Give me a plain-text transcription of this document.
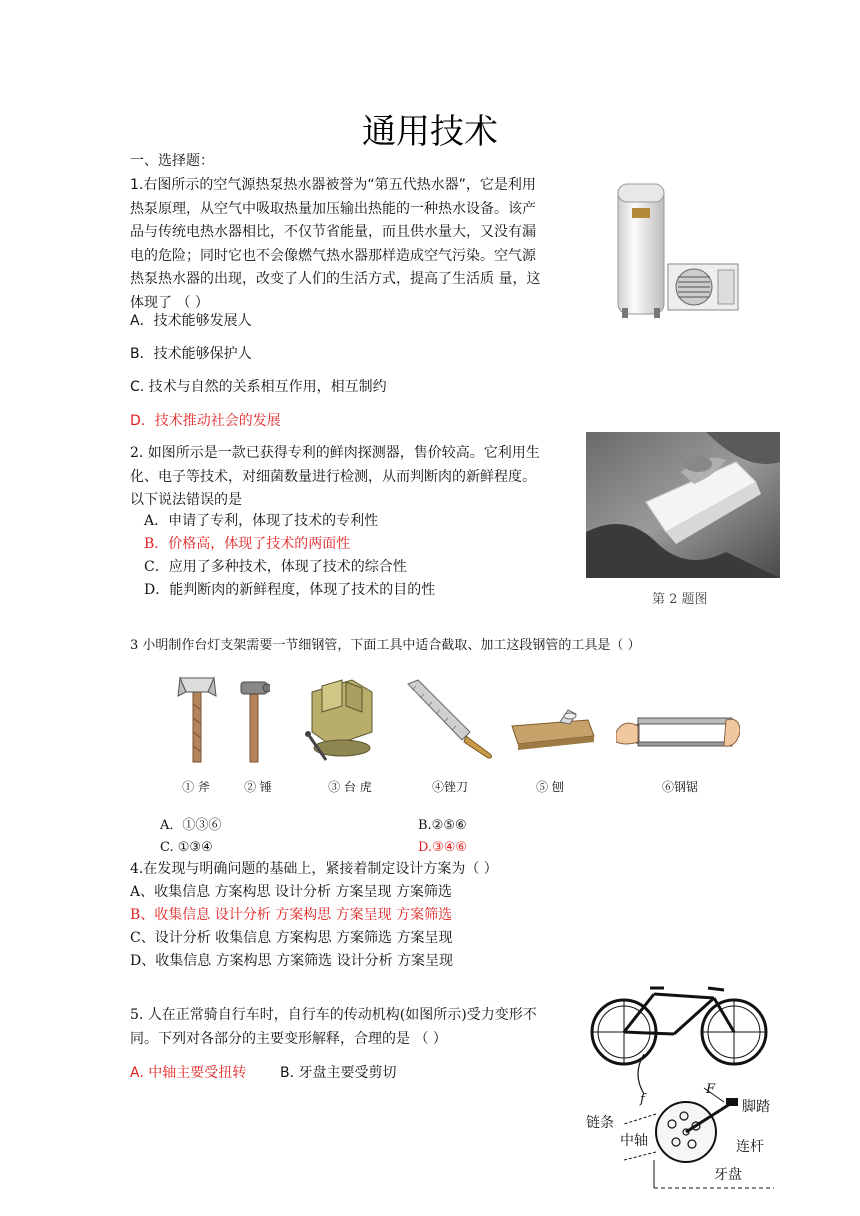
通用技术
一、选择题：
1.右图所示的空气源热泵热水器被誉为“第五代热水器”，它是利用
热泵原理，从空气中吸取热量加压输出热能的一种热水设备。该产
品与传统电热水器相比，不仅节省能量，而且供水量大，又没有漏
电的危险；同时它也不会像燃气热水器那样造成空气污染。空气源
热泵热水器的出现，改变了人们的生活方式，提高了生活质 量，这
体现了 （ ）
A．技术能够发展人
B．技术能够保护人
C. 技术与自然的关系相互作用，相互制约
D．技术推动社会的发展
2. 如图所示是一款已获得专利的鲜肉探测器，售价较高。它利用生
化、电子等技术，对细菌数量进行检测，从而判断肉的新鲜程度。
以下说法错误的是
A．申请了专利，体现了技术的专利性
B．价格高，体现了技术的两面性
C．应用了多种技术，体现了技术的综合性
D．能判断肉的新鲜程度，体现了技术的目的性
第 2 题图
3 小明制作台灯支架需要一节细钢管，下面工具中适合截取、加工这段钢管的工具是（ ）
① 斧	② 锤	③ 台 虎	④锉刀	⑤ 刨	⑥钢锯
A．①③⑥	B.②⑤⑥
C. ①③④	D.③④⑥
4.在发现与明确问题的基础上，紧接着制定设计方案为（ ）
A、收集信息 方案构思 设计分析 方案呈现 方案筛选
B、收集信息 设计分析 方案构思 方案呈现 方案筛选
C、设计分析 收集信息 方案构思 方案筛选 方案呈现
D、收集信息 方案构思 方案筛选 设计分析 方案呈现
5. 人在正常骑自行车时，自行车的传动机构(如图所示)受力变形不
同。下列对各部分的主要变形解释，合理的是 （ ）
A. 中轴主要受扭转 B. 牙盘主要受剪切
链条
中轴
脚踏
连杆
牙盘
F
f
